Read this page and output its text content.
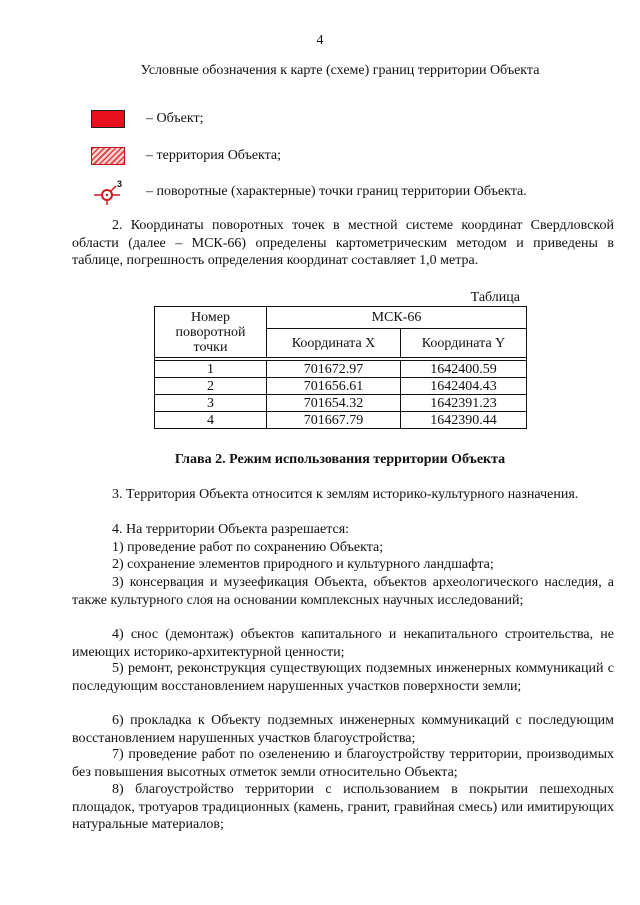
4
Условные обозначения к карте (схеме) границ территории Объекта
– Объект;
– территория Объекта;
3 – поворотные (характерные) точки границ территории Объекта.
2. Координаты поворотных точек в местной системе координат Свердловской области (далее – МСК-66) определены картометрическим методом и приведены в таблице, погрешность определения координат составляет 1,0 метра.
Таблица
Номер поворотной точки	МСК-66	
	Координата X	Координата Y

1	701672.97	1642400.59
2	701656.61	1642404.43
3	701654.32	1642391.23
4	701667.79	1642390.44
Глава 2. Режим использования территории Объекта
3. Территория Объекта относится к землям историко-культурного назначения.
4. На территории Объекта разрешается:
1) проведение работ по сохранению Объекта;
2) сохранение элементов природного и культурного ландшафта;
3) консервация и музеефикация Объекта, объектов археологического наследия, а также культурного слоя на основании комплексных научных исследований;
4) снос (демонтаж) объектов капитального и некапитального строительства, не имеющих историко-архитектурной ценности;
5) ремонт, реконструкция существующих подземных инженерных коммуникаций с последующим восстановлением нарушенных участков поверхности земли;
6) прокладка к Объекту подземных инженерных коммуникаций с последующим восстановлением нарушенных участков благоустройства;
7) проведение работ по озеленению и благоустройству территории, производимых без повышения высотных отметок земли относительно Объекта;
8) благоустройство территории с использованием в покрытии пешеходных площадок, тротуаров традиционных (камень, гранит, гравийная смесь) или имитирующих натуральные материалов;
